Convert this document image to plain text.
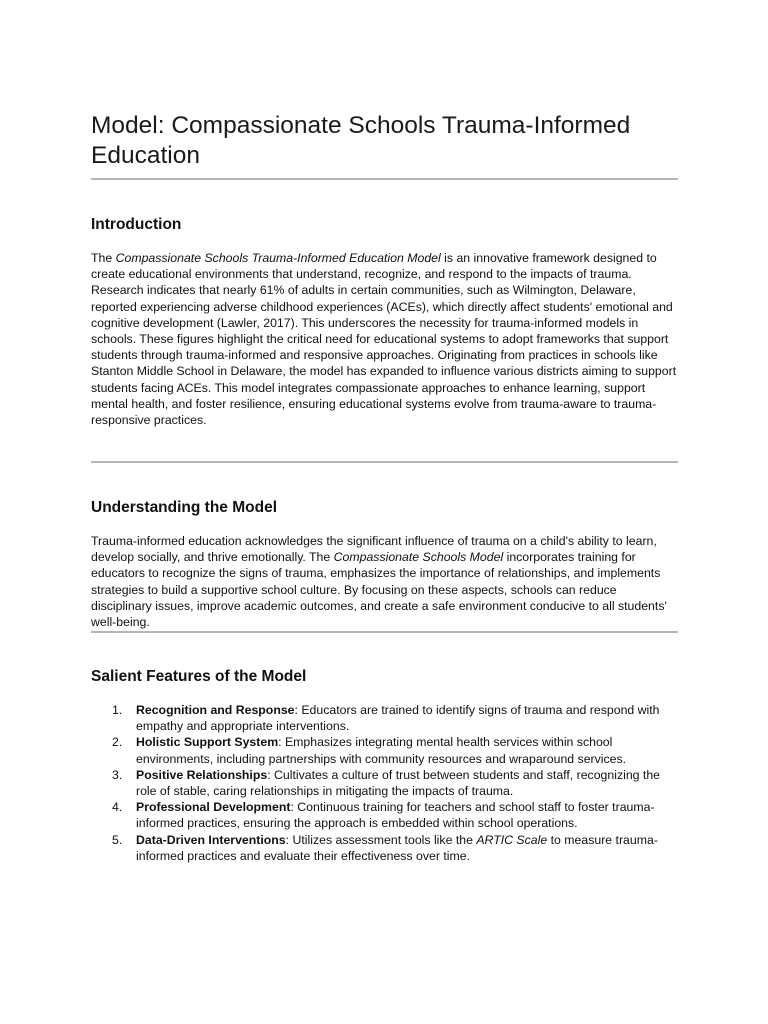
Model: Compassionate Schools Trauma-Informed Education
Introduction

The Compassionate Schools Trauma-Informed Education Model is an innovative framework designed to create educational environments that understand, recognize, and respond to the impacts of trauma. Research indicates that nearly 61% of adults in certain communities, such as Wilmington, Delaware, reported experiencing adverse childhood experiences (ACEs), which directly affect students' emotional and cognitive development (Lawler, 2017). This underscores the necessity for trauma-informed models in schools. These figures highlight the critical need for educational systems to adopt frameworks that support students through trauma-informed and responsive approaches. Originating from practices in schools like Stanton Middle School in Delaware, the model has expanded to influence various districts aiming to support students facing ACEs. This model integrates compassionate approaches to enhance learning, support mental health, and foster resilience, ensuring educational systems evolve from trauma-aware to trauma-responsive practices.

Understanding the Model

Trauma-informed education acknowledges the significant influence of trauma on a child's ability to learn, develop socially, and thrive emotionally. The Compassionate Schools Model incorporates training for educators to recognize the signs of trauma, emphasizes the importance of relationships, and implements strategies to build a supportive school culture. By focusing on these aspects, schools can reduce disciplinary issues, improve academic outcomes, and create a safe environment conducive to all students' well-being.

Salient Features of the Model
1. Recognition and Response: Educators are trained to identify signs of trauma and respond with empathy and appropriate interventions.
2. Holistic Support System: Emphasizes integrating mental health services within school environments, including partnerships with community resources and wraparound services.
3. Positive Relationships: Cultivates a culture of trust between students and staff, recognizing the role of stable, caring relationships in mitigating the impacts of trauma.
4. Professional Development: Continuous training for teachers and school staff to foster trauma-informed practices, ensuring the approach is embedded within school operations.
5. Data-Driven Interventions: Utilizes assessment tools like the ARTIC Scale to measure trauma-informed practices and evaluate their effectiveness over time.
